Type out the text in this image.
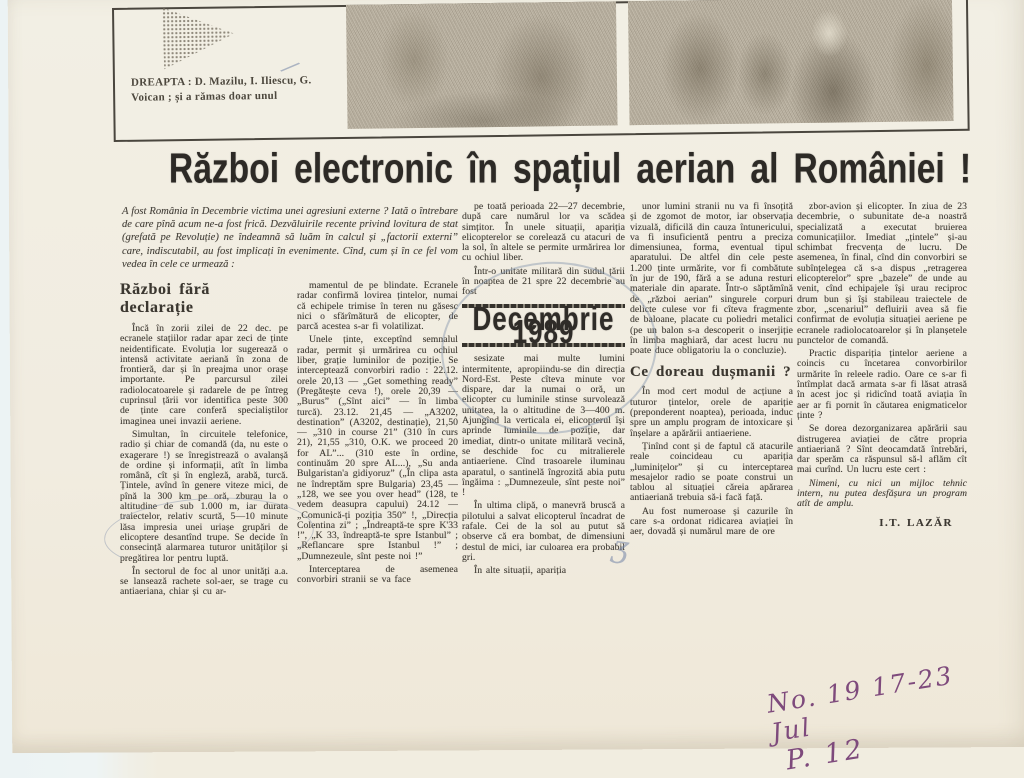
DREAPTA : D. Mazilu, I. Iliescu, G. Voican ; și a rămas doar unul
Război electronic în spațiul aerian al României !
A fost România în Decembrie victima unei agresiuni externe ? Iată o întrebare de care pînă acum ne-a fost frică. Dezvăluirile recente privind lovitura de stat (grefată pe Revoluție) ne îndeamnă să luăm în calcul și „factorii externi” care, indiscutabil, au fost implicați în evenimente. Cînd, cum și în ce fel vom vedea în cele ce urmează :
Război fără declarație

Încă în zorii zilei de 22 dec. pe ecranele stațiilor radar apar zeci de ținte neidentificate. Evoluția lor sugerează o intensă activitate aeriană în zona de frontieră, dar și în preajma unor orașe importante. Pe parcursul zilei radiolocatoarele și radarele de pe întreg cuprinsul țării vor identifica peste 300 de ținte care conferă specialiștilor imaginea unei invazii aeriene.

Simultan, în circuitele telefonice, radio și chiar de comandă (da, nu este o exagerare !) se înregistrează o avalanșă de ordine și informații, atît în limba română, cît și în engleză, arabă, turcă. Țintele, avînd în genere viteze mici, de pînă la 300 km pe oră, zburau la o altitudine de sub 1.000 m, iar durata traiectelor, relativ scurtă, 5—10 minute lăsa impresia unei uriașe grupări de elicoptere desantînd trupe. Se decide în consecință alarmarea tuturor unităților și pregătirea lor pentru luptă.

În sectorul de foc al unor unități a.a. se lansează rachete sol-aer, se trage cu antiaeriana, chiar și cu ar-

mamentul de pe blindate. Ecranele radar confirmă lovirea țintelor, numai că echipele trimise în teren nu găsesc nici o sfărîmătură de elicopter, de parcă acestea s-ar fi volatilizat.

Unele ținte, exceptînd semnalul radar, permit și urmărirea cu ochiul liber, grație luminilor de poziție. Se interceptează convorbiri radio : 22.12. orele 20,13 — „Get something ready” (Pregătește ceva !), orele 20,39 — „Burus” („Sînt aici” — în limba turcă). 23.12. 21,45 — „A3202, destination” (A3202, destinație), 21,50 — „310 in course 21” (310 în curs 21), 21,55 „310, O.K. we proceed 20 for AL”... (310 este în ordine, continuăm 20 spre AL...), „Su anda Bulgaristan'a gidiyoruz” („În clipa asta ne îndreptăm spre Bulgaria) 23,45 — „128, we see you over head” (128, te vedem deasupra capului) 24.12 — „Comunică-ți poziția 350” !, „Direcția Colentina zi” ; „Îndreaptă-te spre K'33 !”, „K 33, îndreaptă-te spre Istanbul” ; „Reflancare spre Istanbul !” ; „Dumnezeule, sînt peste noi !”

Interceptarea de asemenea convorbiri stranii se va face

pe toată perioada 22—27 decembrie, după care numărul lor va scădea simțitor. În unele situații, apariția elicopterelor se corelează cu atacuri de la sol, în altele se permite urmărirea lor cu ochiul liber.

Într-o unitate militară din sudul țării în noaptea de 21 spre 22 decembrie au fost

Decembrie 1989

sesizate mai multe lumini intermitente, apropiindu-se din direcția Nord-Est. Peste cîteva minute vor dispare, dar la numai o oră, un elicopter cu luminile stinse survolează unitatea, la o altitudine de 3—400 m. Ajungînd la verticala ei, elicopterul își aprinde luminile de poziție, dar imediat, dintr-o unitate militară vecină, se deschide foc cu mitralierele antiaeriene. Cînd trasoarele iluminau aparatul, o santinelă îngrozită abia putu îngăima : „Dumnezeule, sînt peste noi” !

În ultima clipă, o manevră bruscă a pilotului a salvat elicopterul încadrat de rafale. Cei de la sol au putut să observe că era bombat, de dimensiuni destul de mici, iar culoarea era probabil gri.

În alte situații, apariția

unor lumini stranii nu va fi însoțită și de zgomot de motor, iar observația vizuală, dificilă din cauza întunericului, va fi insuficientă pentru a preciza dimensiunea, forma, eventual tipul aparatului. De altfel din cele peste 1.200 ținte urmărite, vor fi combătute în jur de 190, fără a se aduna resturi materiale din aparate. Într-o săptămînă de „război aerian” singurele corpuri delicte culese vor fi cîteva fragmente de baloane, placate cu poliedri metalici (pe un balon s-a descoperit o inserjiție în limba maghiară, dar acest lucru nu poate duce obligatoriu la o concluzie).

Ce doreau dușmanii ?

În mod cert modul de acțiune a tuturor țintelor, orele de apariție (preponderent noaptea), perioada, induc spre un amplu program de intoxicare și înșelare a apărării antiaeriene.

Ținînd cont și de faptul că atacurile reale coincideau cu apariția „luminițelor” și cu interceptarea mesajelor radio se poate construi un tablou al situației căreia apărarea antiaeriană trebuia să-i facă față.

Au fost numeroase și cazurile în care s-a ordonat ridicarea aviației în aer, dovadă și numărul mare de ore

zbor-avion și elicopter. În ziua de 23 decembrie, o subunitate de-a noastră specializată a executat bruierea comunicațiilor. Imediat „țintele” și-au schimbat frecvența de lucru. De asemenea, în final, cînd din convorbiri se subînțelegea că s-a dispus „retragerea elicopterelor” spre „bazele” de unde au venit, cînd echipajele își urau reciproc drum bun și își stabileau traiectele de zbor, „scenariul” defluirii avea să fie confirmat de evoluția situației aeriene pe ecranele radiolocatoarelor și în planșetele punctelor de comandă.

Practic dispariția țintelor aeriene a coincis cu încetarea convorbirilor urmărite în releele radio. Oare ce s-ar fi întîmplat dacă armata s-ar fi lăsat atrasă în acest joc și ridicînd toată aviația în aer ar fi pornit în căutarea enigmaticelor ținte ?

Se dorea dezorganizarea apărării sau distrugerea aviației de către propria antiaeriană ? Sînt deocamdată întrebări, dar sperăm ca răspunsul să-l aflăm cît mai curînd. Un lucru este cert :

Nimeni, cu nici un mijloc tehnic intern, nu putea desfășura un program atît de amplu.

I.T. LAZĂR
ʒ
/
No. 19 17-23 Jul
P. 12
